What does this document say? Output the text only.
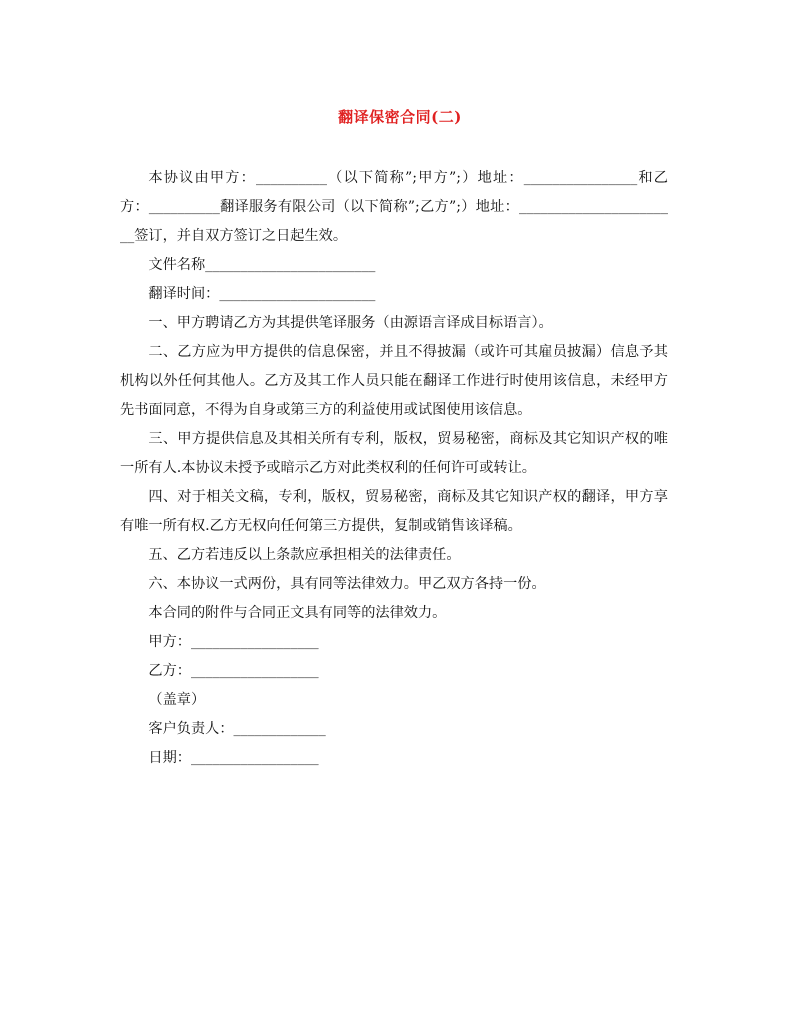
翻译保密合同(二)

本协议由甲方：__________（以下简称”;甲方”;）地址：________________和乙方：__________翻译服务有限公司（以下简称”;乙方”;）地址：_______________________签订，并自双方签订之日起生效。

文件名称________________________

翻译时间：______________________

一、甲方聘请乙方为其提供笔译服务（由源语言译成目标语言）。

二、乙方应为甲方提供的信息保密，并且不得披漏（或许可其雇员披漏）信息予其机构以外任何其他人。乙方及其工作人员只能在翻译工作进行时使用该信息，未经甲方先书面同意，不得为自身或第三方的利益使用或试图使用该信息。

三、甲方提供信息及其相关所有专利，版权，贸易秘密，商标及其它知识产权的唯一所有人.本协议未授予或暗示乙方对此类权利的任何许可或转让。

四、对于相关文稿，专利，版权，贸易秘密，商标及其它知识产权的翻译，甲方享有唯一所有权.乙方无权向任何第三方提供，复制或销售该译稿。

五、乙方若违反以上条款应承担相关的法律责任。

六、本协议一式两份，具有同等法律效力。甲乙双方各持一份。

本合同的附件与合同正文具有同等的法律效力。

甲方：__________________

乙方：__________________

（盖章）

客户负责人：_____________

日期：__________________
